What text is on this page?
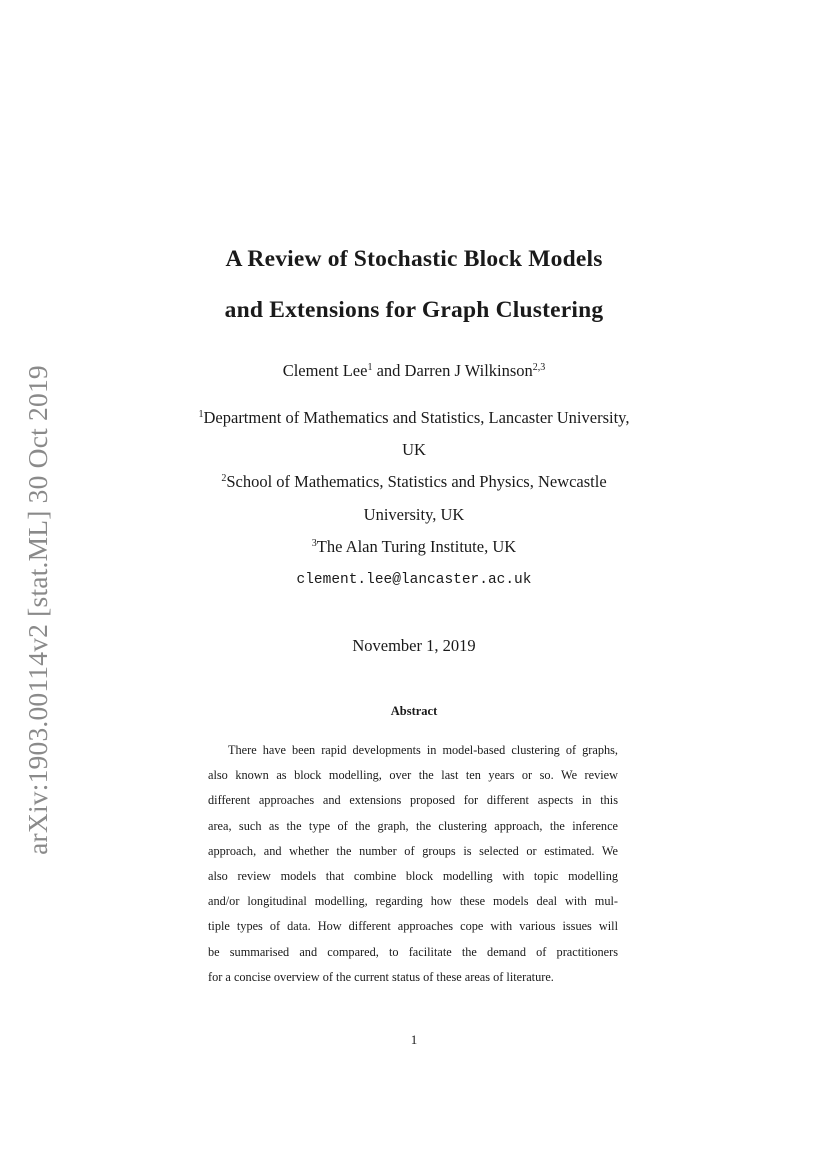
arXiv:1903.00114v2 [stat.ML] 30 Oct 2019
A Review of Stochastic Block Models
and Extensions for Graph Clustering
Clement Lee$^1$ and Darren J Wilkinson$^{2,3}$
$^1$Department of Mathematics and Statistics, Lancaster University,
UK
$^2$School of Mathematics, Statistics and Physics, Newcastle
University, UK
$^3$The Alan Turing Institute, UK
clement.lee@lancaster.ac.uk
November 1, 2019
Abstract
There have been rapid developments in model-based clustering of graphs,
also known as block modelling, over the last ten years or so. We review
different approaches and extensions proposed for different aspects in this
area, such as the type of the graph, the clustering approach, the inference
approach, and whether the number of groups is selected or estimated. We
also review models that combine block modelling with topic modelling
and/or longitudinal modelling, regarding how these models deal with mul-
tiple types of data. How different approaches cope with various issues will
be summarised and compared, to facilitate the demand of practitioners
for a concise overview of the current status of these areas of literature.
1
